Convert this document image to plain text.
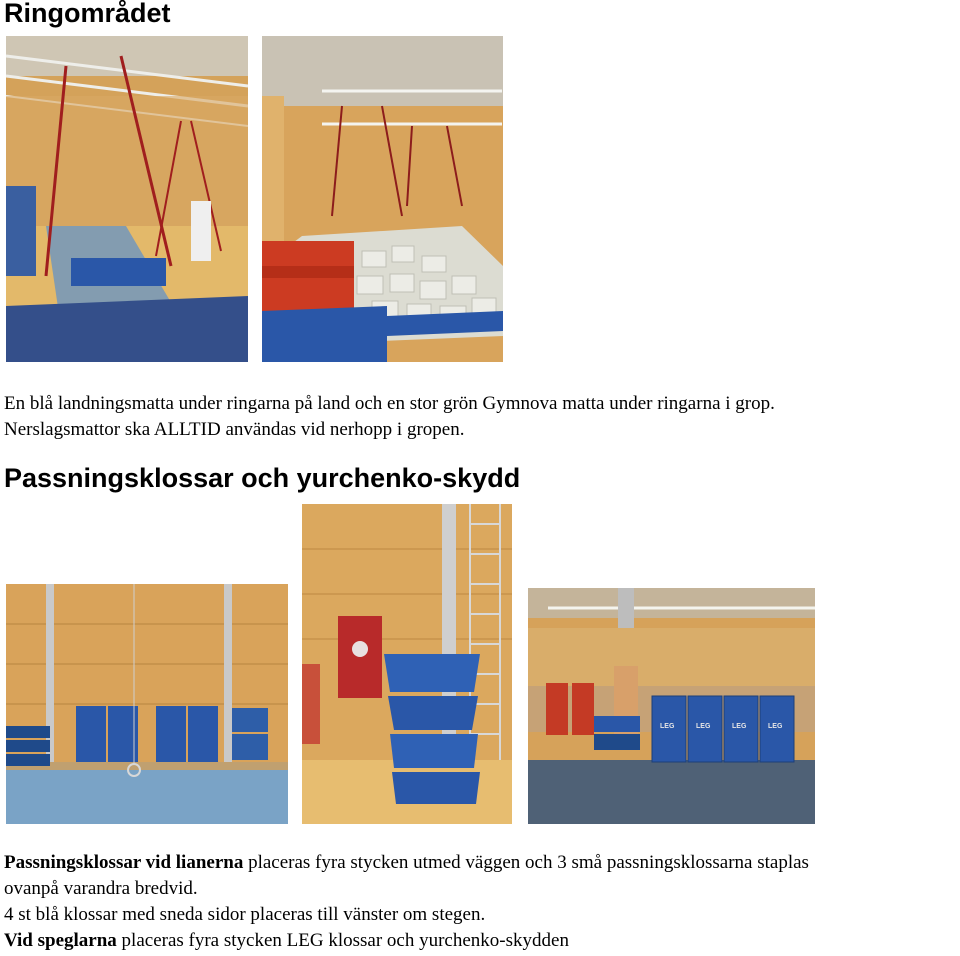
Ringområdet

En blå landningsmatta under ringarna på land och en stor grön Gymnova matta under ringarna i grop.
Nerslagsmattor ska ALLTID användas vid nerhopp i gropen.

Passningsklossar och yurchenko-skydd
LEG	LEG	LEG	LEG

Passningsklossar vid lianerna placeras fyra stycken utmed väggen och 3 små passningsklossarna staplas
ovanpå varandra bredvid.
4 st blå klossar med sneda sidor placeras till vänster om stegen.
Vid speglarna placeras fyra stycken LEG klossar och yurchenko-skydden
